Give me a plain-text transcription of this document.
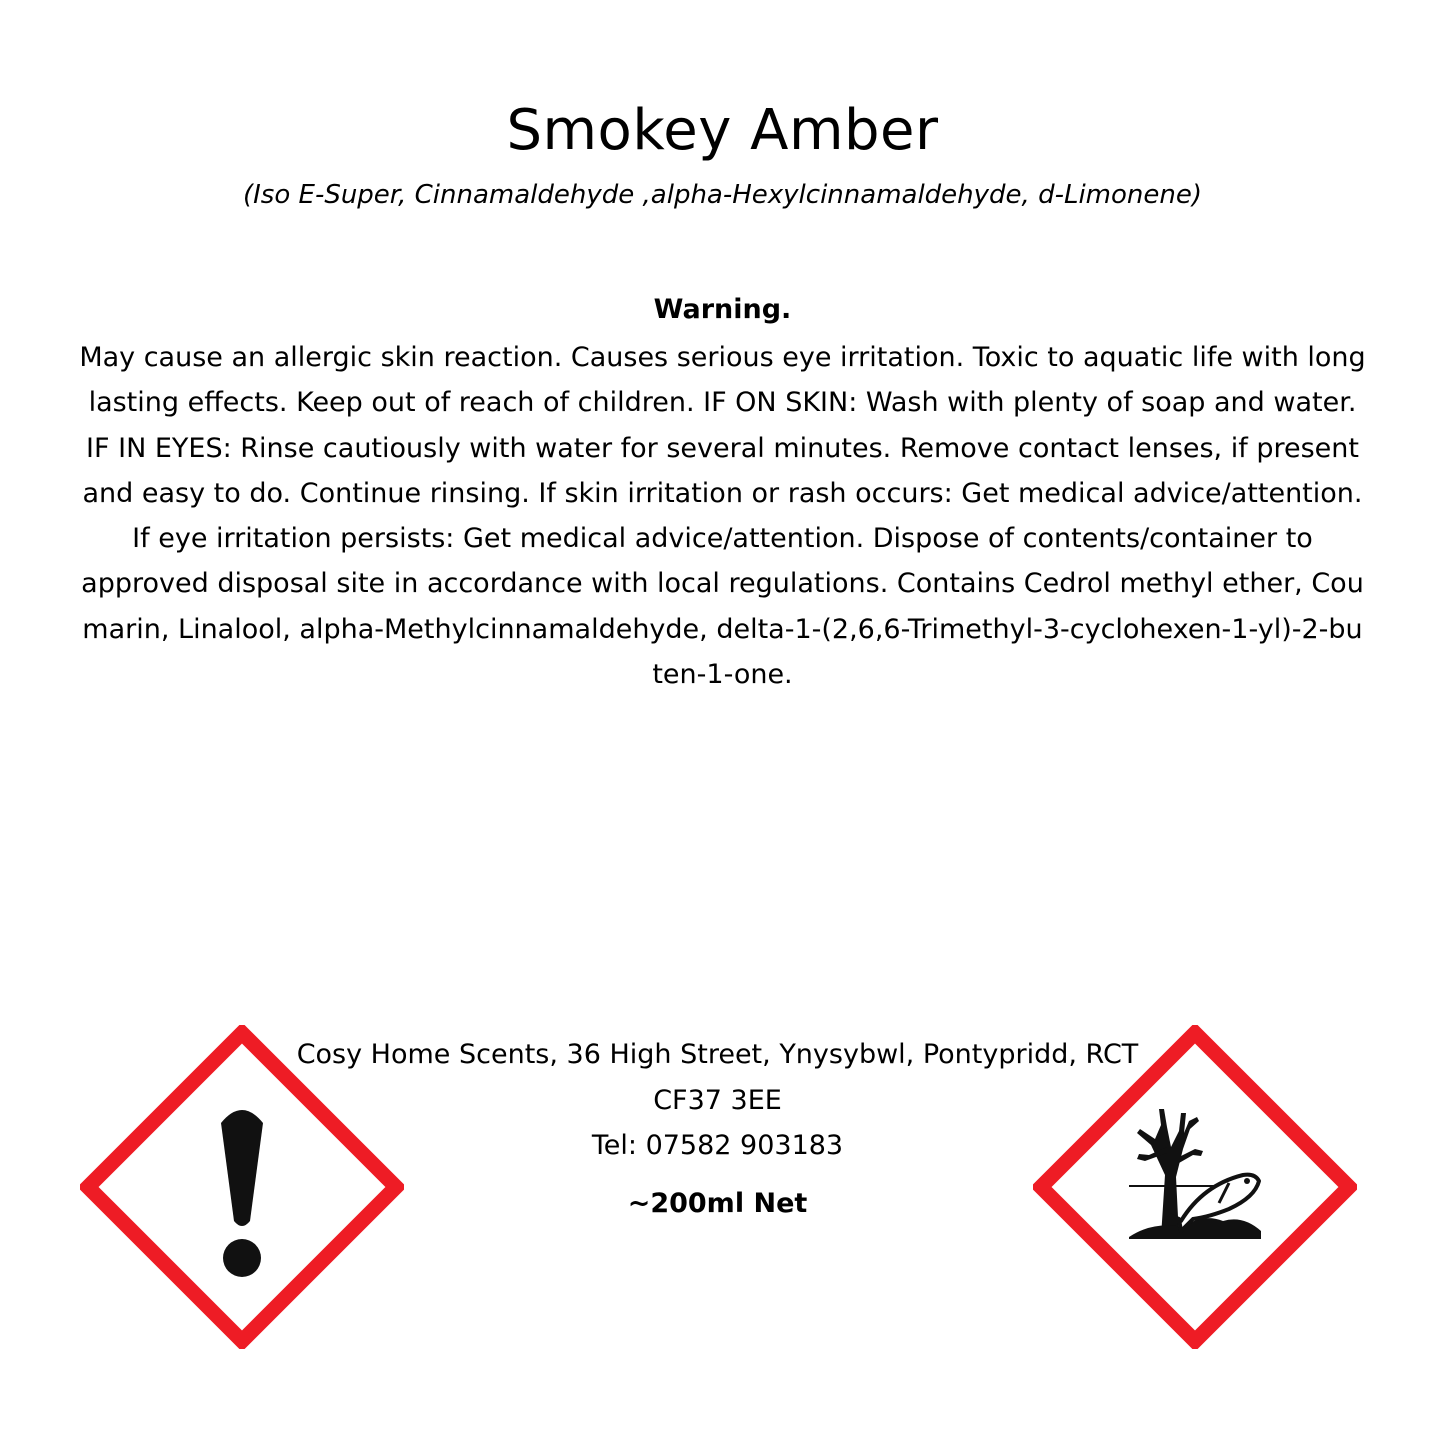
Smokey Amber
(Iso E-Super, Cinnamaldehyde ,alpha-Hexylcinnamaldehyde, d-Limonene)
Warning.
May cause an allergic skin reaction. Causes serious eye irritation. Toxic to aquatic life with long
lasting effects. Keep out of reach of children. IF ON SKIN: Wash with plenty of soap and water.
IF IN EYES: Rinse cautiously with water for several minutes. Remove contact lenses, if present
and easy to do. Continue rinsing. If skin irritation or rash occurs: Get medical advice/attention.
If eye irritation persists: Get medical advice/attention. Dispose of contents/container to
approved disposal site in accordance with local regulations. Contains Cedrol methyl ether, Cou
marin, Linalool, alpha-Methylcinnamaldehyde, delta-1-(2,6,6-Trimethyl-3-cyclohexen-1-yl)-2-bu
ten-1-one.
Cosy Home Scents, 36 High Street, Ynysybwl, Pontypridd, RCT
CF37 3EE
Tel: 07582 903183
~200ml Net
